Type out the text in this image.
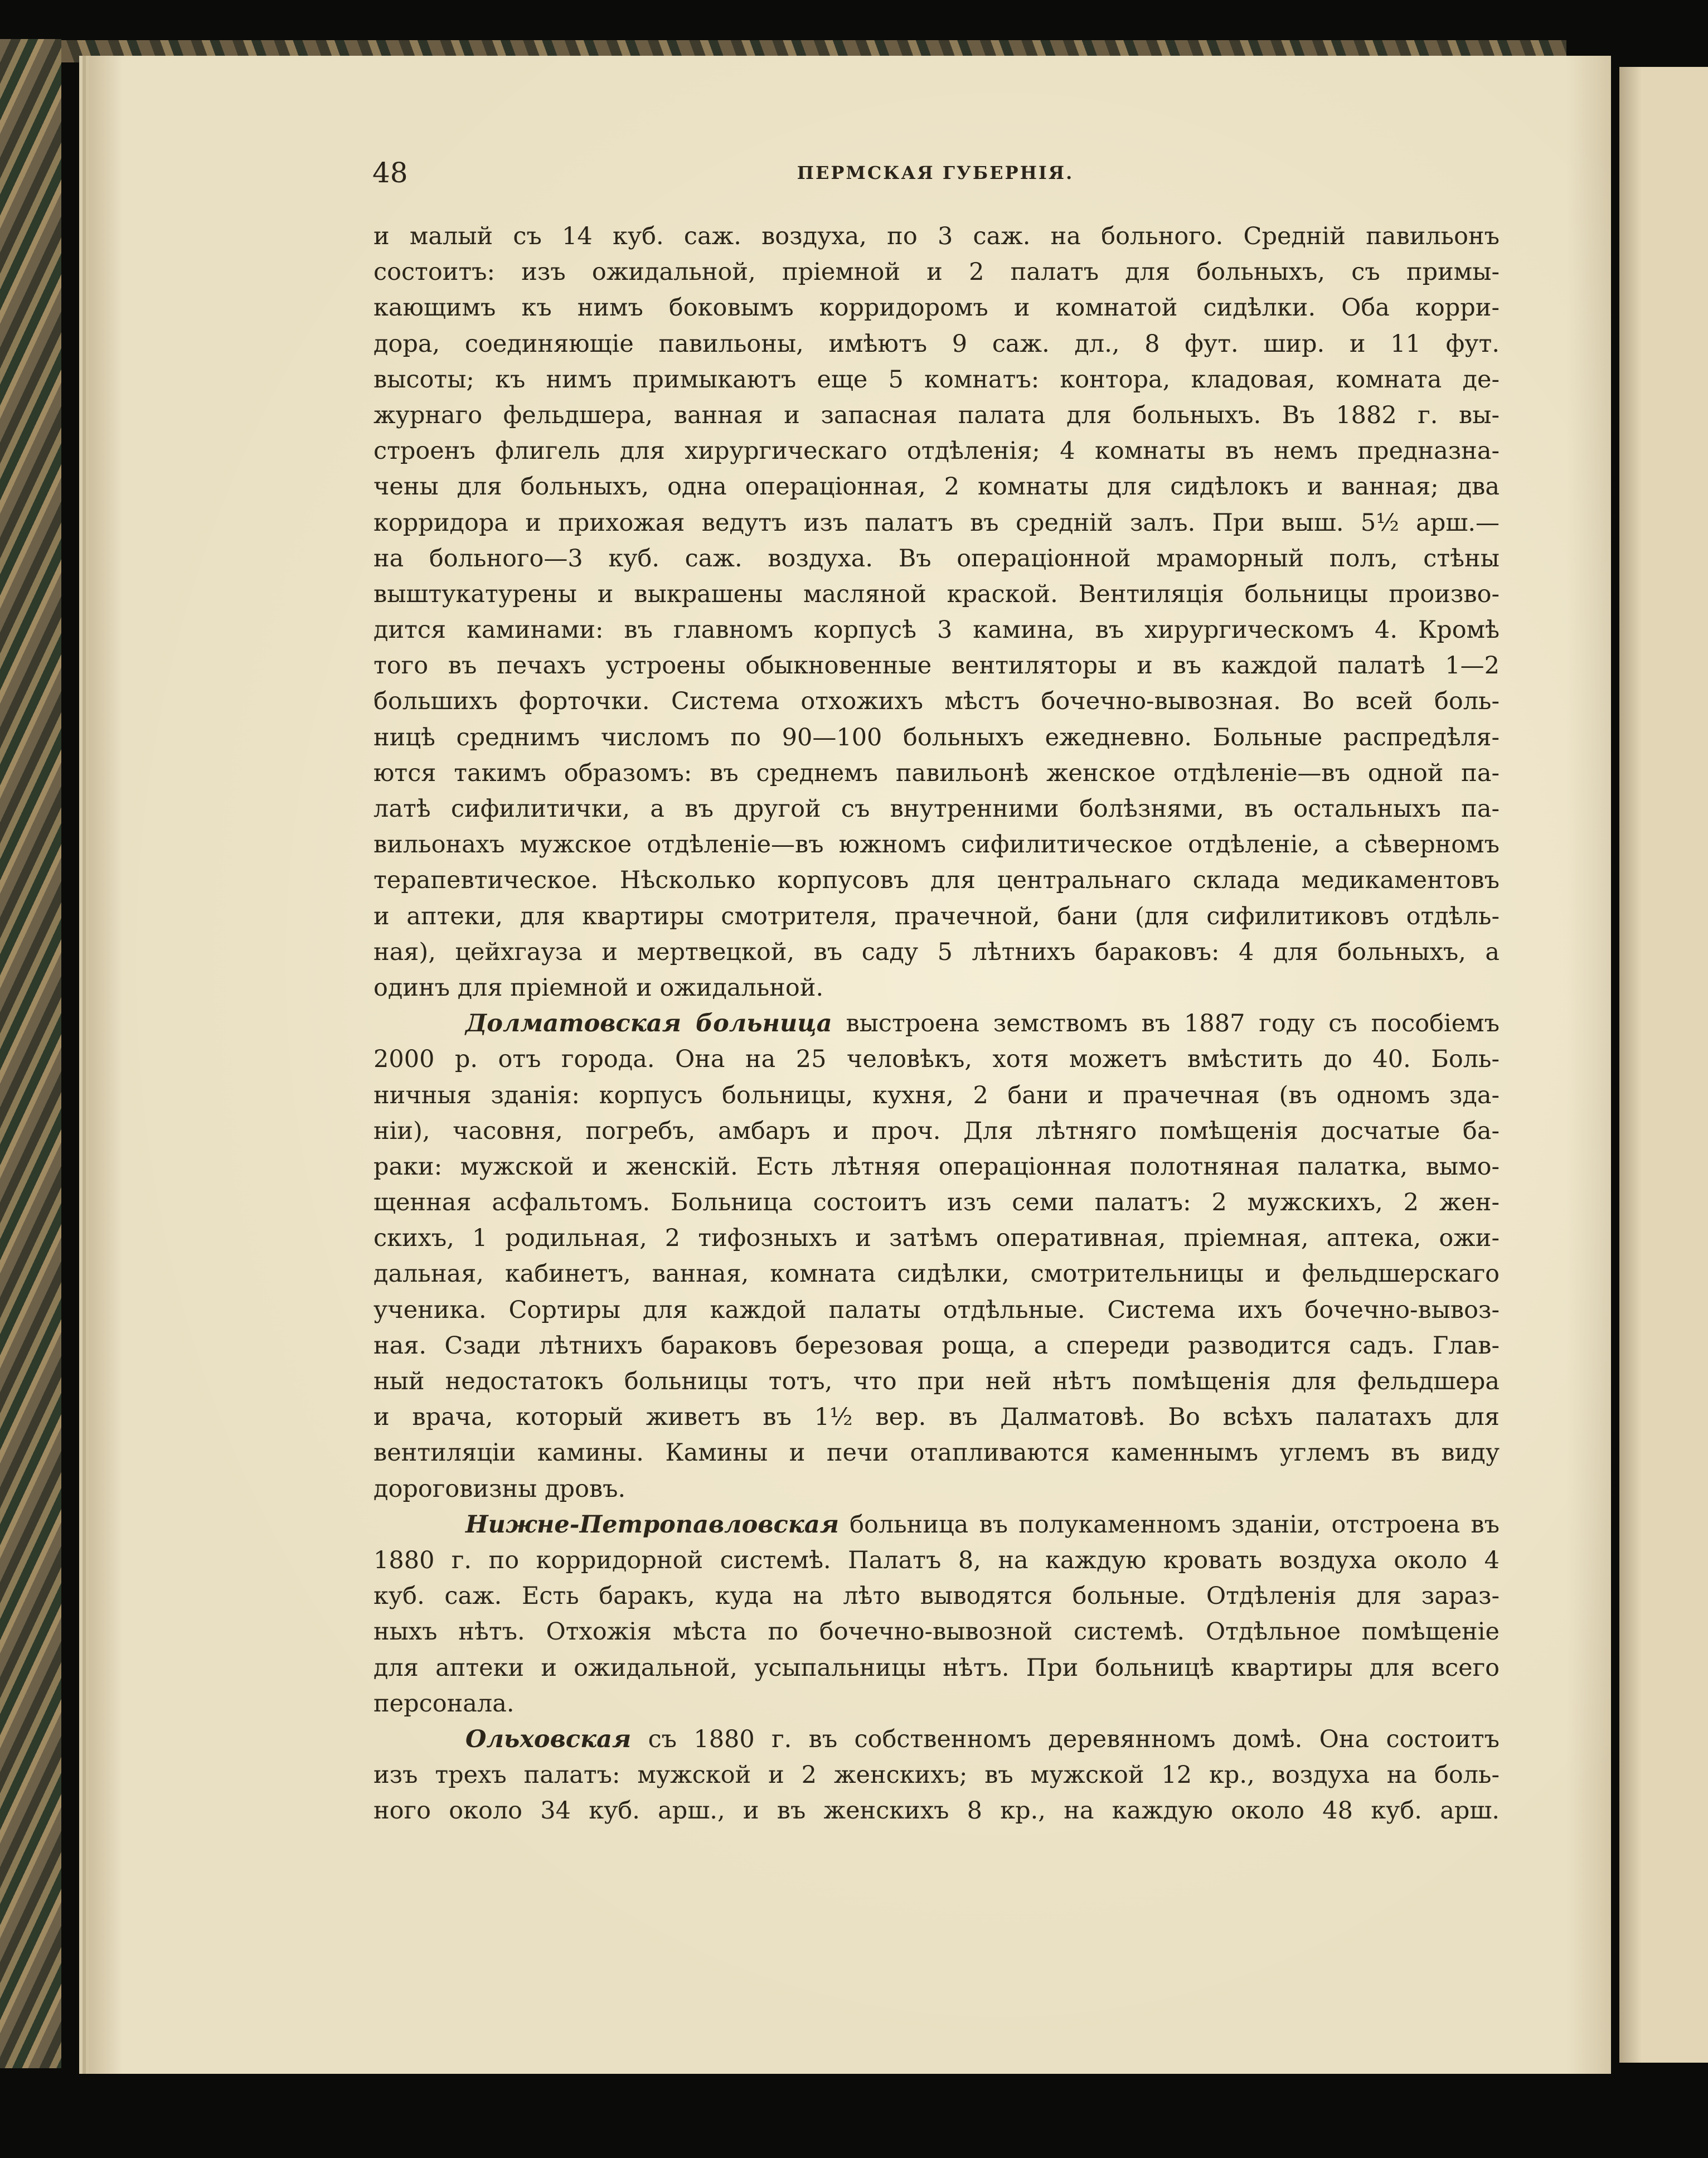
48	ПЕРМСКАЯ ГУБЕРНІЯ.
и малый съ 14 куб. саж. воздуха, по 3 саж. на больного. Средній павильонъ
состоитъ: изъ ожидальной, пріемной и 2 палатъ для больныхъ, съ примы-
кающимъ къ нимъ боковымъ корридоромъ и комнатой сидѣлки. Оба корри-
дора, соединяющіе павильоны, имѣютъ 9 саж. дл., 8 фут. шир. и 11 фут.
высоты; къ нимъ примыкаютъ еще 5 комнатъ: контора, кладовая, комната де-
журнаго фельдшера, ванная и запасная палата для больныхъ. Въ 1882 г. вы-
строенъ флигель для хирургическаго отдѣленія; 4 комнаты въ немъ предназна-
чены для больныхъ, одна операціонная, 2 комнаты для сидѣлокъ и ванная; два
корридора и прихожая ведутъ изъ палатъ въ средній залъ. При выш. 5½ арш.—
на больного—3 куб. саж. воздуха. Въ операціонной мраморный полъ, стѣны
выштукатурены и выкрашены масляной краской. Вентиляція больницы произво-
дится каминами: въ главномъ корпусѣ 3 камина, въ хирургическомъ 4. Кромѣ
того въ печахъ устроены обыкновенные вентиляторы и въ каждой палатѣ 1—2
большихъ форточки. Система отхожихъ мѣстъ бочечно-вывозная. Во всей боль-
ницѣ среднимъ числомъ по 90—100 больныхъ ежедневно. Больные распредѣля-
ются такимъ образомъ: въ среднемъ павильонѣ женское отдѣленіе—въ одной па-
латѣ сифилитички, а въ другой съ внутренними болѣзнями, въ остальныхъ па-
вильонахъ мужское отдѣленіе—въ южномъ сифилитическое отдѣленіе, а сѣверномъ
терапевтическое. Нѣсколько корпусовъ для центральнаго склада медикаментовъ
и аптеки, для квартиры смотрителя, прачечной, бани (для сифилитиковъ отдѣль-
ная), цейхгауза и мертвецкой, въ саду 5 лѣтнихъ бараковъ: 4 для больныхъ, а
одинъ для пріемной и ожидальной.
Долматовская больница выстроена земствомъ въ 1887 году съ пособіемъ
2000 р. отъ города. Она на 25 человѣкъ, хотя можетъ вмѣстить до 40. Боль-
ничныя зданія: корпусъ больницы, кухня, 2 бани и прачечная (въ одномъ зда-
ніи), часовня, погребъ, амбаръ и проч. Для лѣтняго помѣщенія досчатые ба-
раки: мужской и женскій. Есть лѣтняя операціонная полотняная палатка, вымо-
щенная асфальтомъ. Больница состоитъ изъ семи палатъ: 2 мужскихъ, 2 жен-
скихъ, 1 родильная, 2 тифозныхъ и затѣмъ оперативная, пріемная, аптека, ожи-
дальная, кабинетъ, ванная, комната сидѣлки, смотрительницы и фельдшерскаго
ученика. Сортиры для каждой палаты отдѣльные. Система ихъ бочечно-вывоз-
ная. Сзади лѣтнихъ бараковъ березовая роща, а спереди разводится садъ. Глав-
ный недостатокъ больницы тотъ, что при ней нѣтъ помѣщенія для фельдшера
и врача, который живетъ въ 1½ вер. въ Далматовѣ. Во всѣхъ палатахъ для
вентиляціи камины. Камины и печи отапливаются каменнымъ углемъ въ виду
дороговизны дровъ.
Нижне-Петропавловская больница въ полукаменномъ зданіи, отстроена въ
1880 г. по корридорной системѣ. Палатъ 8, на каждую кровать воздуха около 4
куб. саж. Есть баракъ, куда на лѣто выводятся больные. Отдѣленія для зараз-
ныхъ нѣтъ. Отхожія мѣста по бочечно-вывозной системѣ. Отдѣльное помѣщеніе
для аптеки и ожидальной, усыпальницы нѣтъ. При больницѣ квартиры для всего
персонала.
Ольховская съ 1880 г. въ собственномъ деревянномъ домѣ. Она состоитъ
изъ трехъ палатъ: мужской и 2 женскихъ; въ мужской 12 кр., воздуха на боль-
ного около 34 куб. арш., и въ женскихъ 8 кр., на каждую около 48 куб. арш.
